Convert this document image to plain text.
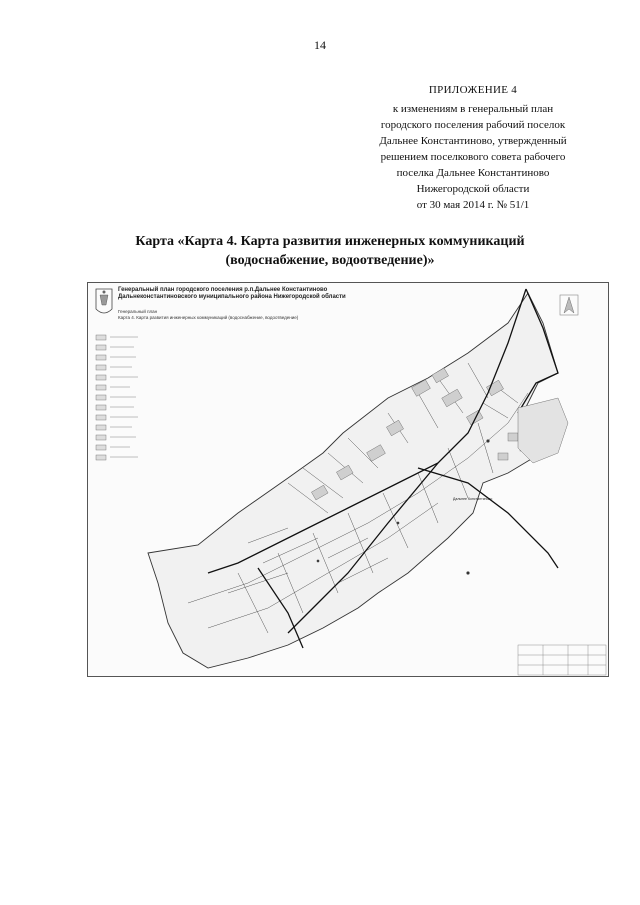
14
ПРИЛОЖЕНИЕ 4
к изменениям в генеральный план
городского поселения рабочий поселок
Дальнее Константиново, утвержденный
решением поселкового совета рабочего
поселка Дальнее Константиново
Нижегородской области
от 30 мая 2014 г. № 51/1
Карта «Карта 4. Карта развития инженерных коммуникаций
(водоснабжение, водоотведение)»
Генеральный план городского поселения р.п.Дальнее Константиново
Дальнеконстантиновского муниципального района Нижегородской области
Генеральный план
Карта 4. Карта развития инженерных коммуникаций (водоснабжение, водоотведение)
Дальнее Константиново
